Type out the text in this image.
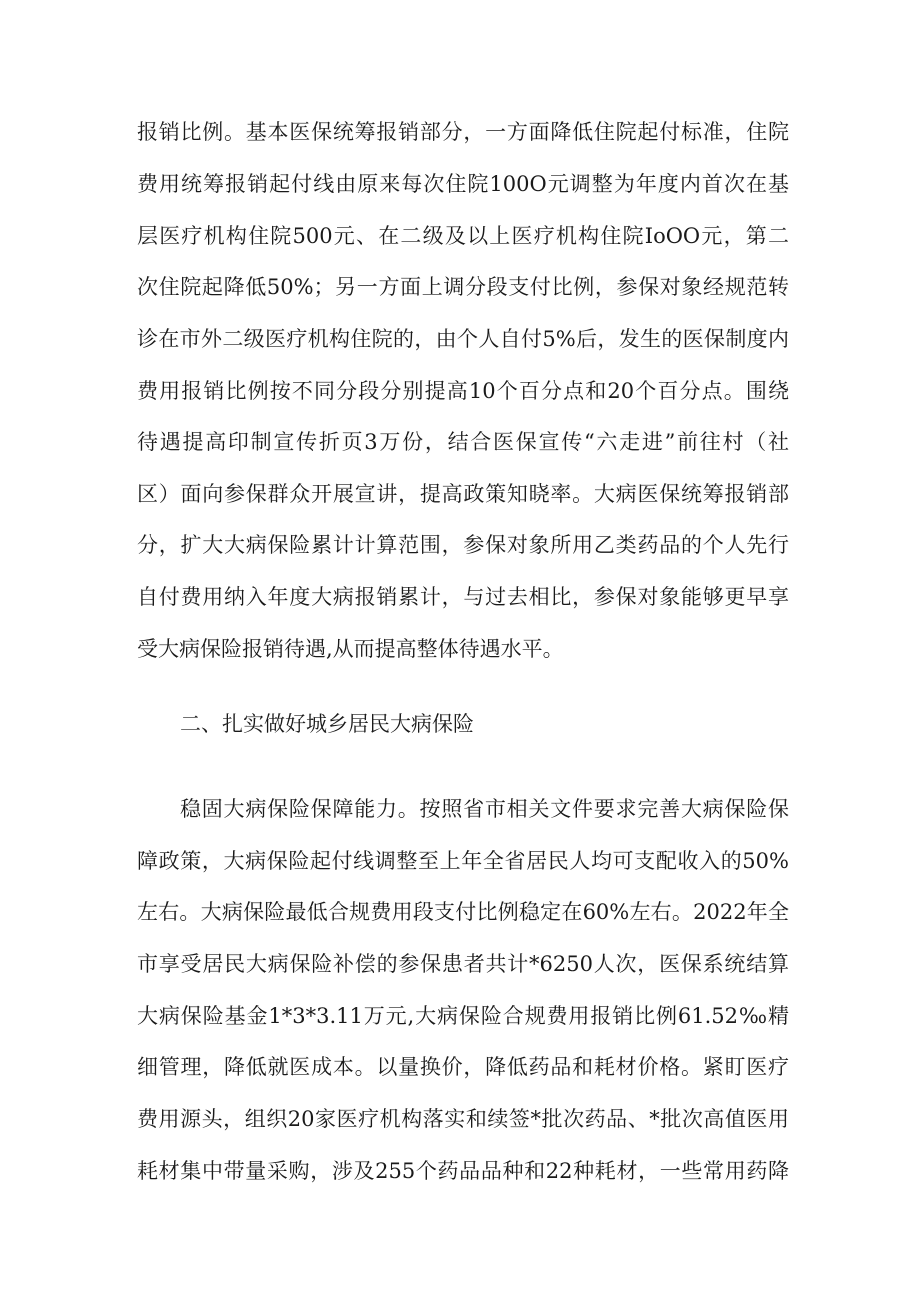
报销比例。基本医保统筹报销部分，一方面降低住院起付标准，住院
费用统筹报销起付线由原来每次住院100O元调整为年度内首次在基
层医疗机构住院500元、在二级及以上医疗机构住院IoOO元，第二
次住院起降低50%；另一方面上调分段支付比例，参保对象经规范转
诊在市外二级医疗机构住院的，由个人自付5%后，发生的医保制度内
费用报销比例按不同分段分别提高10个百分点和20个百分点。围绕
待遇提高印制宣传折页3万份，结合医保宣传“六走进”前往村（社
区）面向参保群众开展宣讲，提高政策知晓率。大病医保统筹报销部
分，扩大大病保险累计计算范围，参保对象所用乙类药品的个人先行
自付费用纳入年度大病报销累计，与过去相比，参保对象能够更早享
受大病保险报销待遇,从而提高整体待遇水平。
二、扎实做好城乡居民大病保险
稳固大病保险保障能力。按照省市相关文件要求完善大病保险保
障政策，大病保险起付线调整至上年全省居民人均可支配收入的50%
左右。大病保险最低合规费用段支付比例稳定在60%左右。2022年全
市享受居民大病保险补偿的参保患者共计*6250人次，医保系统结算
大病保险基金1*3*3.11万元,大病保险合规费用报销比例61.52‰精
细管理，降低就医成本。以量换价，降低药品和耗材价格。紧盯医疗
费用源头，组织20家医疗机构落实和续签*批次药品、*批次高值医用
耗材集中带量采购，涉及255个药品品种和22种耗材，一些常用药降
